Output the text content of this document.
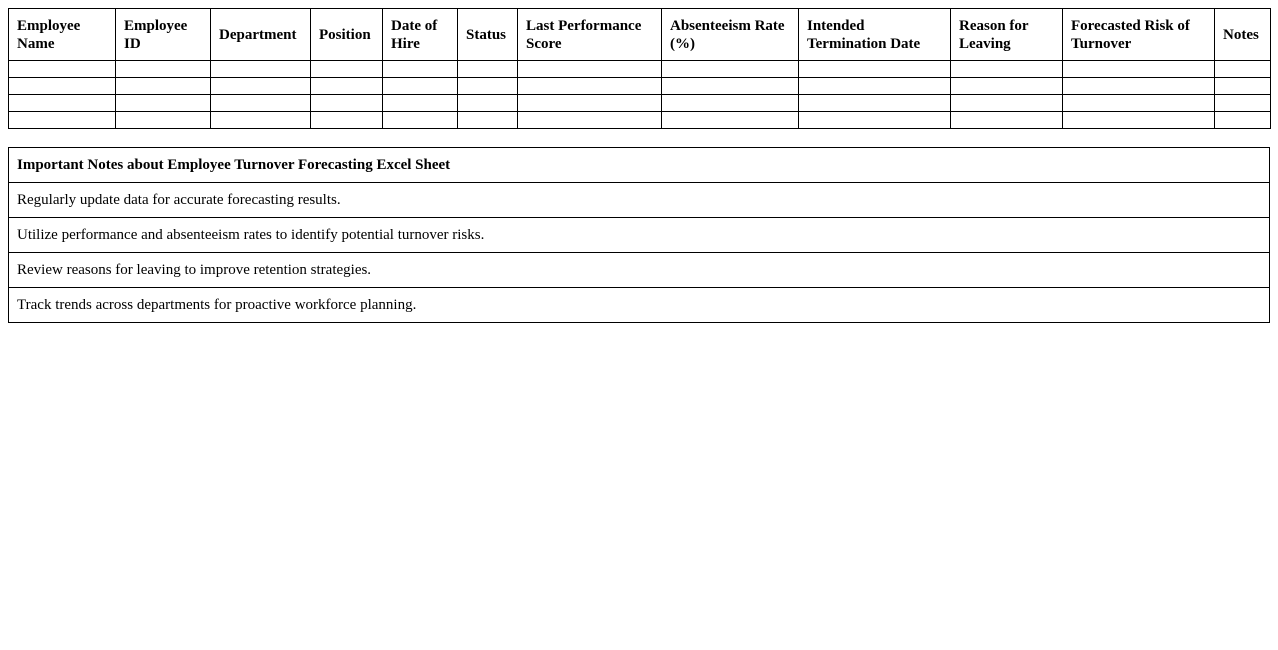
Employee Name	Employee ID	Department	Position	Date of Hire	Status	Last Performance Score	Absenteeism Rate (%)	Intended Termination Date	Reason for Leaving	Forecasted Risk of Turnover	Notes

Important Notes about Employee Turnover Forecasting Excel Sheet
Regularly update data for accurate forecasting results.
Utilize performance and absenteeism rates to identify potential turnover risks.
Review reasons for leaving to improve retention strategies.
Track trends across departments for proactive workforce planning.
